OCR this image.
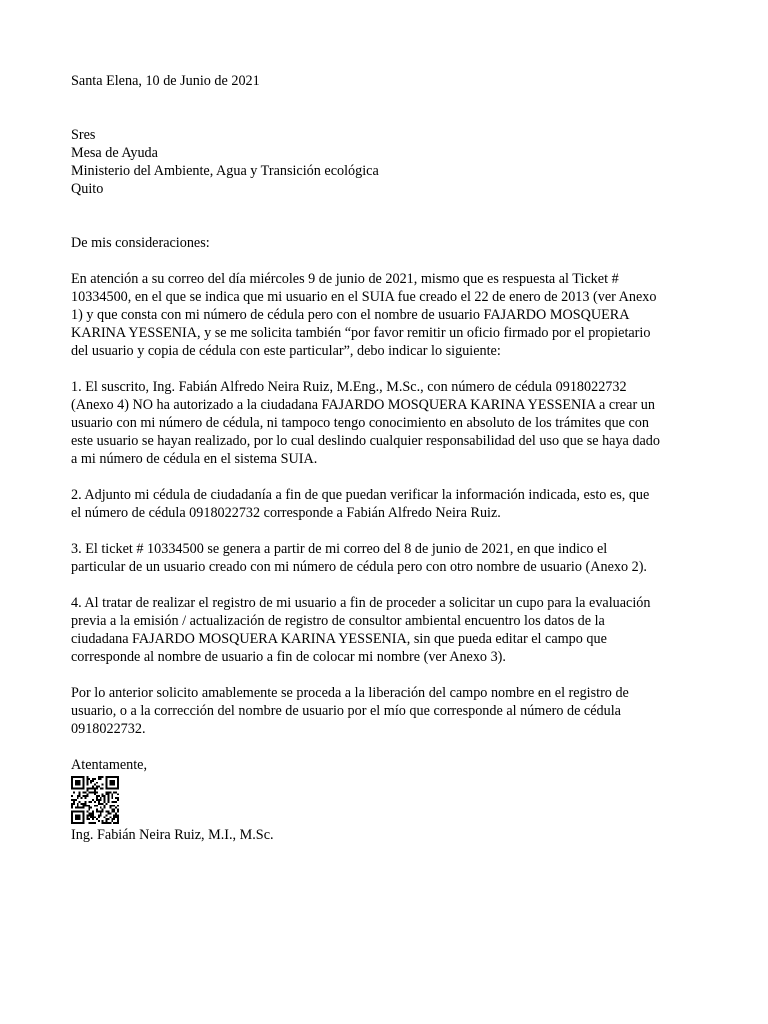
Santa Elena, 10 de Junio de 2021

Sres
Mesa de Ayuda
Ministerio del Ambiente, Agua y Transición ecológica
Quito

De mis consideraciones:

En atención a su correo del día miércoles 9 de junio de 2021, mismo que es respuesta al Ticket #
10334500, en el que se indica que mi usuario en el SUIA fue creado el 22 de enero de 2013 (ver Anexo
1) y que consta con mi número de cédula pero con el nombre de usuario FAJARDO MOSQUERA
KARINA YESSENIA, y se me solicita también “por favor remitir un oficio firmado por el propietario
del usuario y copia de cédula con este particular”, debo indicar lo siguiente:

1. El suscrito, Ing. Fabián Alfredo Neira Ruiz, M.Eng., M.Sc., con número de cédula 0918022732
(Anexo 4) NO ha autorizado a la ciudadana FAJARDO MOSQUERA KARINA YESSENIA a crear un
usuario con mi número de cédula, ni tampoco tengo conocimiento en absoluto de los trámites que con
este usuario se hayan realizado, por lo cual deslindo cualquier responsabilidad del uso que se haya dado
a mi número de cédula en el sistema SUIA.

2. Adjunto mi cédula de ciudadanía a fin de que puedan verificar la información indicada, esto es, que
el número de cédula 0918022732 corresponde a Fabián Alfredo Neira Ruiz.

3. El ticket # 10334500 se genera a partir de mi correo del 8 de junio de 2021, en que indico el
particular de un usuario creado con mi número de cédula pero con otro nombre de usuario (Anexo 2).

4. Al tratar de realizar el registro de mi usuario a fin de proceder a solicitar un cupo para la evaluación
previa a la emisión / actualización de registro de consultor ambiental encuentro los datos de la
ciudadana FAJARDO MOSQUERA KARINA YESSENIA, sin que pueda editar el campo que
corresponde al nombre de usuario a fin de colocar mi nombre (ver Anexo 3).

Por lo anterior solicito amablemente se proceda a la liberación del campo nombre en el registro de
usuario, o a la corrección del nombre de usuario por el mío que corresponde al número de cédula
0918022732.

Atentamente,

Ing. Fabián Neira Ruiz, M.I., M.Sc.
